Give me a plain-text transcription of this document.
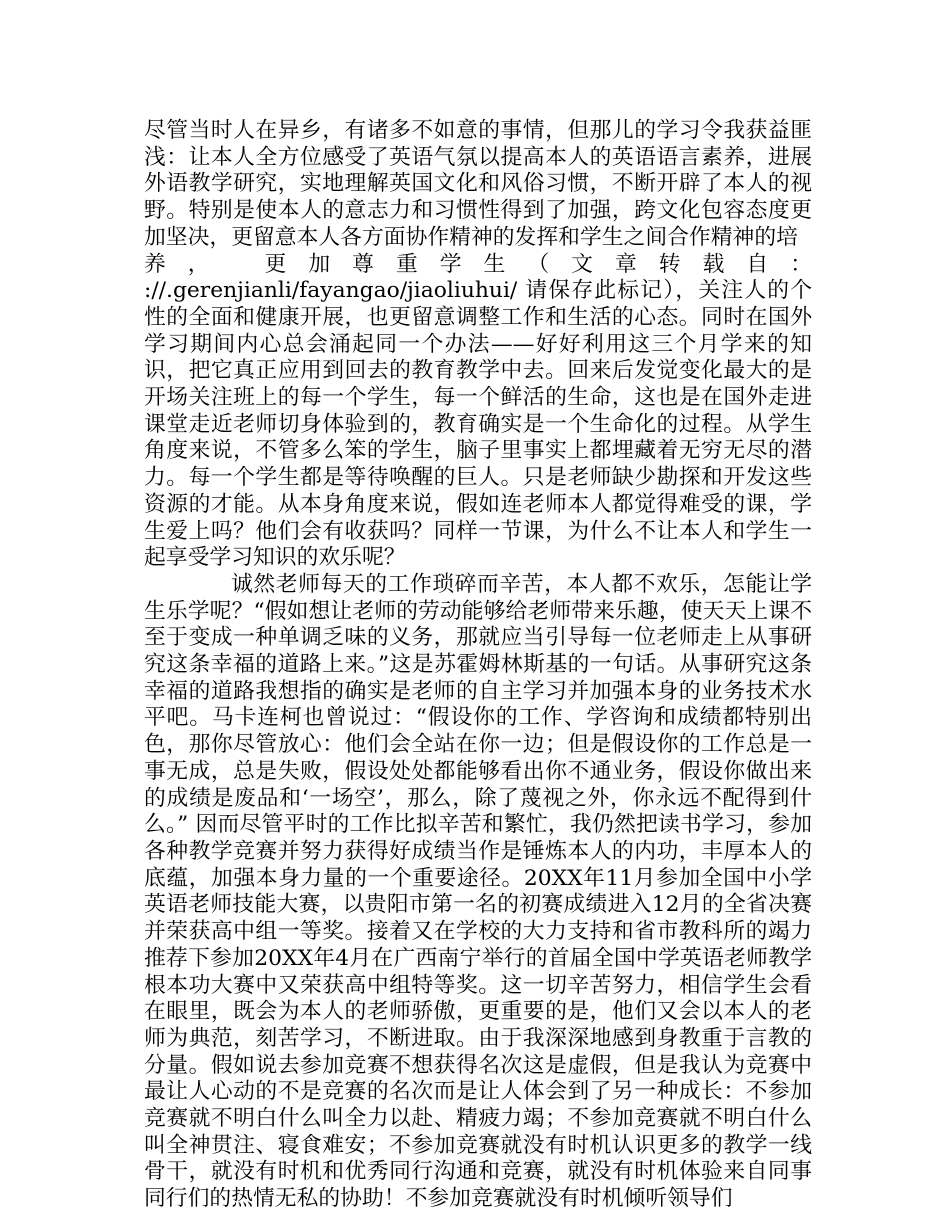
尽管当时人在异乡，有诸多不如意的事情，但那儿的学习令我获益匪浅：让本人全方位感受了英语气氛以提高本人的英语语言素养，进展外语教学研究，实地理解英国文化和风俗习惯，不断开辟了本人的视野。特别是使本人的意志力和习惯性得到了加强，跨文化包容态度更加坚决，更留意本人各方面协作精神的发挥和学生之间合作精神的培
养，　更加尊重学生（文章转载自：
://.gerenjianli/fayangao/jiaoliuhui/ 请保存此标记），关注人的个性的全面和健康开展，也更留意调整工作和生活的心态。同时在国外学习期间内心总会涌起同一个办法——好好利用这三个月学来的知识，把它真正应用到回去的教育教学中去。回来后发觉变化最大的是开场关注班上的每一个学生，每一个鲜活的生命，这也是在国外走进课堂走近老师切身体验到的，教育确实是一个生命化的过程。从学生角度来说，不管多么笨的学生，脑子里事实上都埋藏着无穷无尽的潜力。每一个学生都是等待唤醒的巨人。只是老师缺少勘探和开发这些资源的才能。从本身角度来说，假如连老师本人都觉得难受的课，学生爱上吗？他们会有收获吗？同样一节课，为什么不让本人和学生一起享受学习知识的欢乐呢？

诚然老师每天的工作琐碎而辛苦，本人都不欢乐，怎能让学生乐学呢？“假如想让老师的劳动能够给老师带来乐趣，使天天上课不至于变成一种单调乏味的义务，那就应当引导每一位老师走上从事研究这条幸福的道路上来。”这是苏霍姆林斯基的一句话。从事研究这条幸福的道路我想指的确实是老师的自主学习并加强本身的业务技术水平吧。马卡连柯也曾说过：“假设你的工作、学咨询和成绩都特别出色，那你尽管放心：他们会全站在你一边；但是假设你的工作总是一事无成，总是失败，假设处处都能够看出你不通业务，假设你做出来的成绩是废品和‘一场空’，那么，除了蔑视之外，你永远不配得到什么。” 因而尽管平时的工作比拟辛苦和繁忙，我仍然把读书学习，参加各种教学竞赛并努力获得好成绩当作是锤炼本人的内功，丰厚本人的底蕴，加强本身力量的一个重要途径。20XX年11月参加全国中小学英语老师技能大赛，以贵阳市第一名的初赛成绩进入12月的全省决赛并荣获高中组一等奖。接着又在学校的大力支持和省市教科所的竭力推荐下参加20XX年4月在广西南宁举行的首届全国中学英语老师教学根本功大赛中又荣获高中组特等奖。这一切辛苦努力，相信学生会看在眼里，既会为本人的老师骄傲，更重要的是，他们又会以本人的老师为典范，刻苦学习，不断进取。由于我深深地感到身教重于言教的分量。假如说去参加竞赛不想获得名次这是虚假，但是我认为竞赛中最让人心动的不是竞赛的名次而是让人体会到了另一种成长：不参加竞赛就不明白什么叫全力以赴、精疲力竭；不参加竞赛就不明白什么叫全神贯注、寝食难安；不参加竞赛就没有时机认识更多的教学一线骨干，就没有时机和优秀同行沟通和竞赛，就没有时机体验来自同事同行们的热情无私的协助！不参加竞赛就没有时机倾听领导们
